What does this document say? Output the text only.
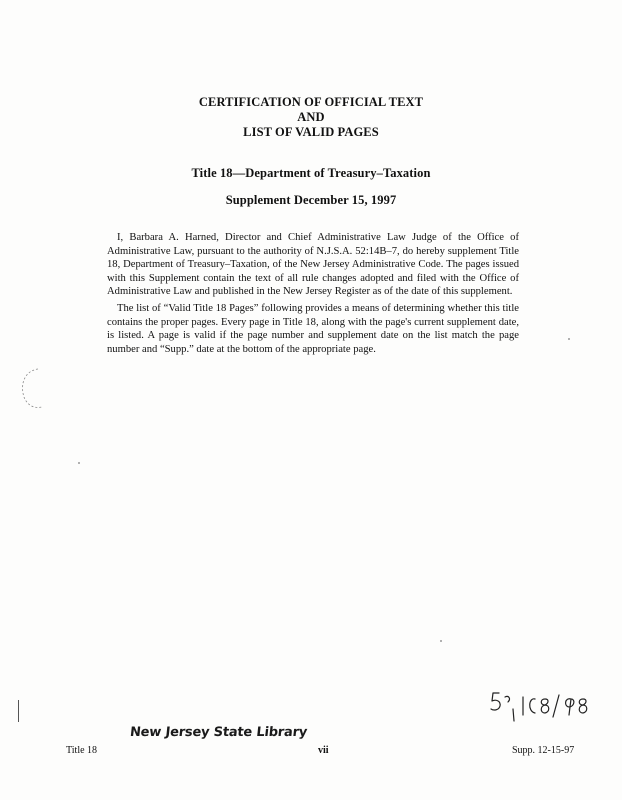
CERTIFICATION OF OFFICIAL TEXT
AND
LIST OF VALID PAGES
Title 18—Department of Treasury–Taxation
Supplement December 15, 1997

I, Barbara A. Harned, Director and Chief Administrative Law Judge of the Office of Administrative Law, pursuant to the authority of N.J.S.A. 52:14B–7, do hereby supplement Title 18, Department of Treasury–Taxation, of the New Jersey Administrative Code. The pages issued with this Supplement contain the text of all rule changes adopted and filed with the Office of Administrative Law and published in the New Jersey Register as of the date of this supplement.

The list of “Valid Title 18 Pages” following provides a means of determining whether this title contains the proper pages. Every page in Title 18, along with the page's current supplement date, is listed. A page is valid if the page number and supplement date on the list match the page number and “Supp.” date at the bottom of the appropriate page.

New Jersey State Library
Title 18	vii	Supp. 12-15-97
